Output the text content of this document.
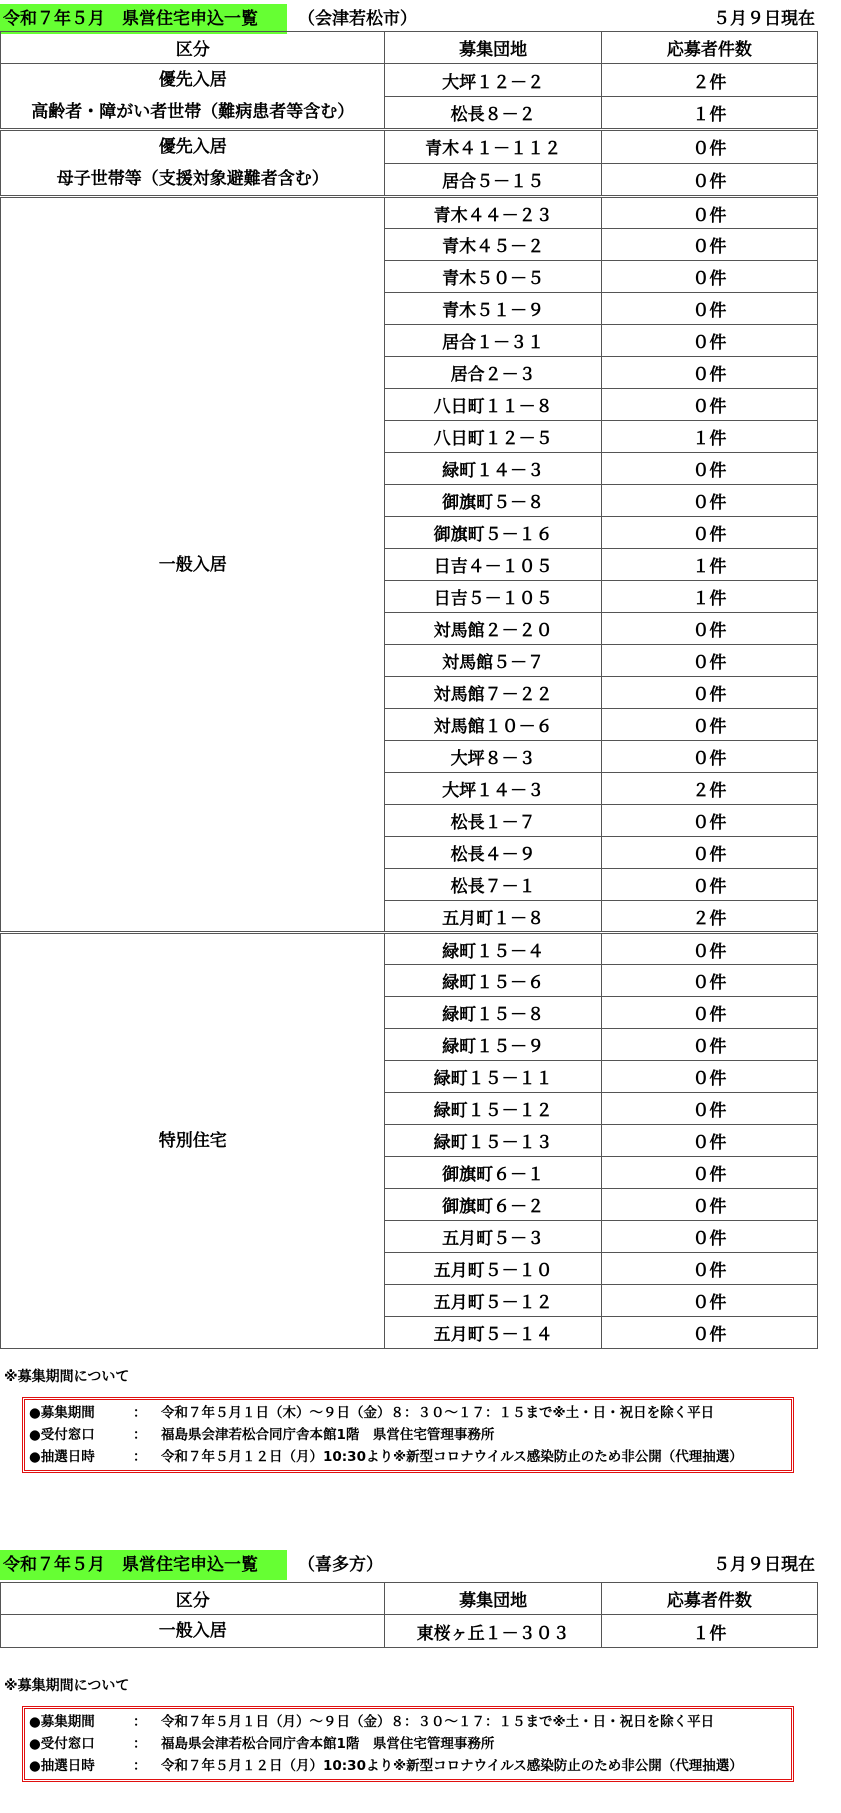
令和７年５月　県営住宅申込一覧	（会津若松市）	５月９日現在
区分	募集団地	応募者件数

優先入居
高齢者・障がい者世帯（難病患者等含む）	大坪１２－２	２件
	松長８－２	１件

優先入居
母子世帯等（支援対象避難者含む）	青木４１－１１２	０件
	居合５－１５	０件

一般入居	青木４４－２３	０件
	青木４５－２	０件
	青木５０－５	０件
	青木５１－９	０件
	居合１－３１	０件
	居合２－３	０件
	八日町１１－８	０件
	八日町１２－５	１件
	緑町１４－３	０件
	御旗町５－８	０件
	御旗町５－１６	０件
	日吉４－１０５	１件
	日吉５－１０５	１件
	対馬館２－２０	０件
	対馬館５－７	０件
	対馬館７－２２	０件
	対馬館１０－６	０件
	大坪８－３	０件
	大坪１４－３	２件
	松長１－７	０件
	松長４－９	０件
	松長７－１	０件
	五月町１－８	２件

特別住宅	緑町１５－４	０件
	緑町１５－６	０件
	緑町１５－８	０件
	緑町１５－９	０件
	緑町１５－１１	０件
	緑町１５－１２	０件
	緑町１５－１３	０件
	御旗町６－１	０件
	御旗町６－２	０件
	五月町５－３	０件
	五月町５－１０	０件
	五月町５－１２	０件
	五月町５－１４	０件
※募集期間について
●募集期間	： 令和７年５月１日（木）～９日（金）８：３０～１７：１５まで※土・日・祝日を除く平日
●受付窓口	： 福島県会津若松合同庁舎本館1階　県営住宅管理事務所
●抽選日時	： 令和７年５月１２日（月）10:30より※新型コロナウイルス感染防止のため非公開（代理抽選）
令和７年５月　県営住宅申込一覧	（喜多方）	５月９日現在
区分	募集団地	応募者件数

一般入居	東桜ヶ丘１－３０３	１件
※募集期間について
●募集期間	： 令和７年５月１日（月）～９日（金）８：３０～１７：１５まで※土・日・祝日を除く平日
●受付窓口	： 福島県会津若松合同庁舎本館1階　県営住宅管理事務所
●抽選日時	： 令和７年５月１２日（月）10:30より※新型コロナウイルス感染防止のため非公開（代理抽選）
